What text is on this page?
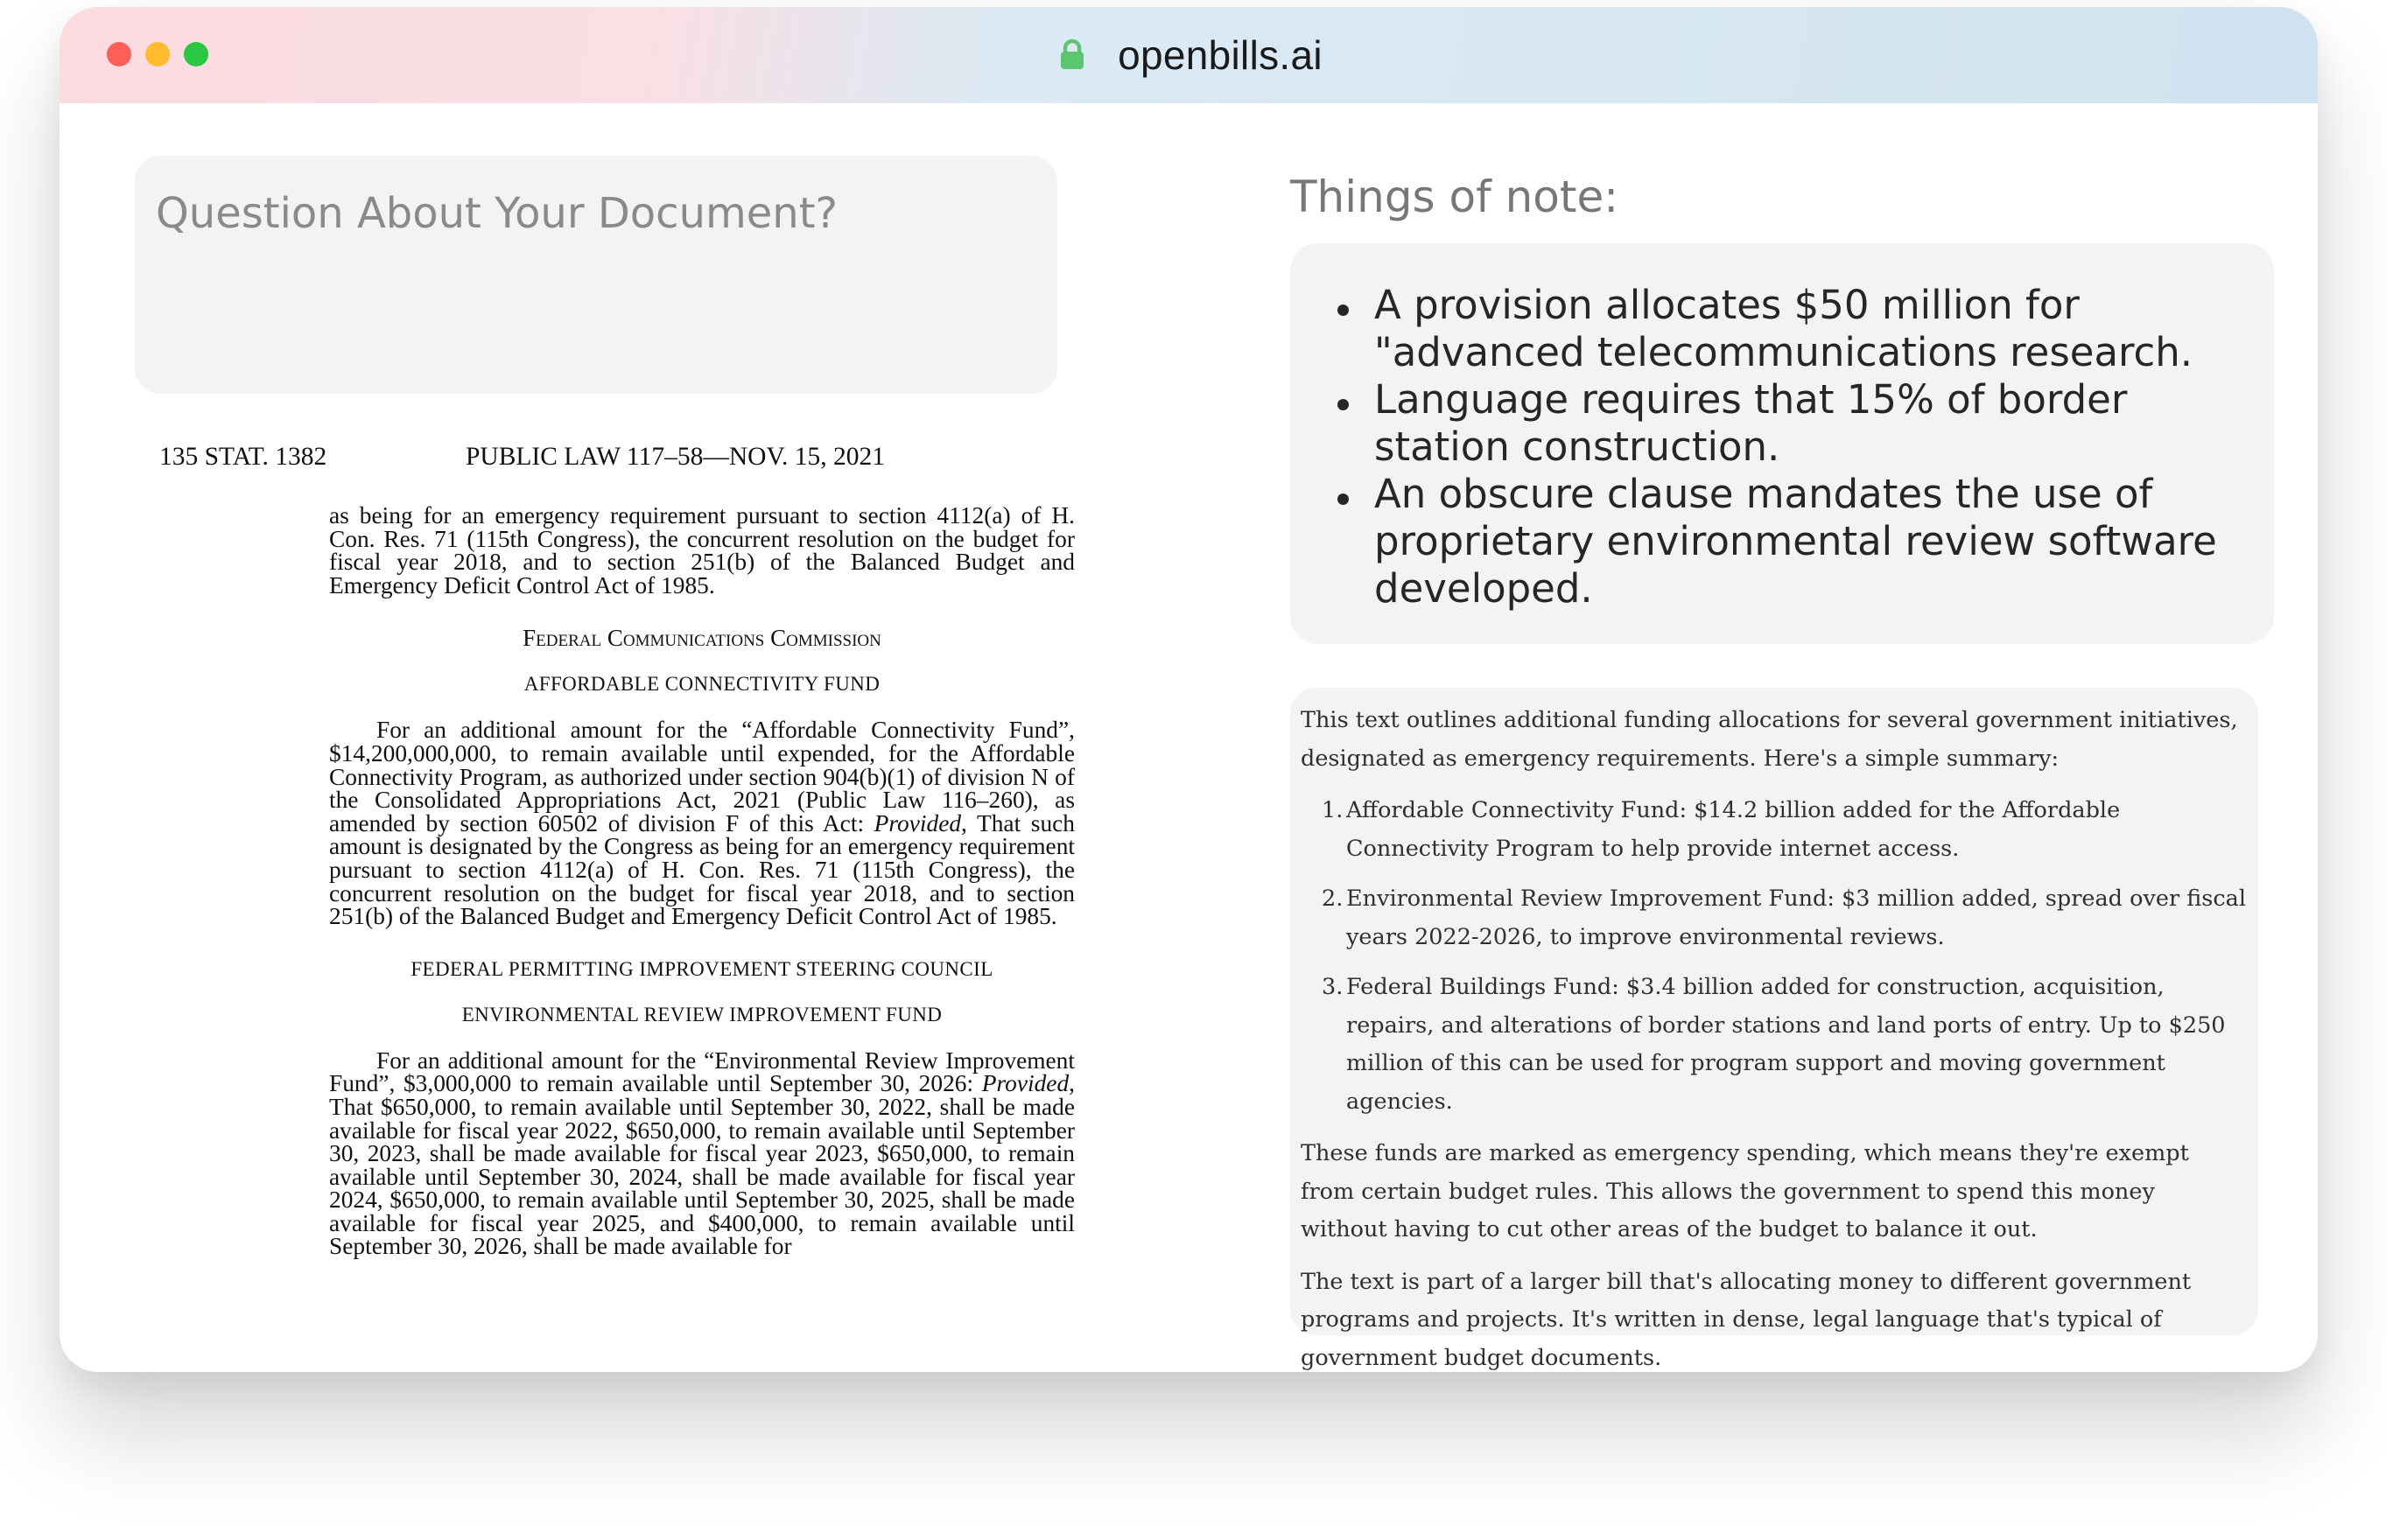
openbills.ai
Question About Your Document?
135 STAT. 1382	PUBLIC LAW 117–58—NOV. 15, 2021

as being for an emergency requirement pursuant to section 4112(a) of H. Con. Res. 71 (115th Congress), the concurrent resolution on the budget for fiscal year 2018, and to section 251(b) of the Balanced Budget and Emergency Deficit Control Act of 1985.

Federal Communications Commission
AFFORDABLE CONNECTIVITY FUND

For an additional amount for the “Affordable Connectivity Fund”, $14,200,000,000, to remain available until expended, for the Affordable Connectivity Program, as authorized under section 904(b)(1) of division N of the Consolidated Appropriations Act, 2021 (Public Law 116–260), as amended by section 60502 of division F of this Act: Provided, That such amount is designated by the Congress as being for an emergency requirement pursuant to section 4112(a) of H. Con. Res. 71 (115th Congress), the concurrent resolution on the budget for fiscal year 2018, and to section 251(b) of the Balanced Budget and Emergency Deficit Control Act of 1985.

FEDERAL PERMITTING IMPROVEMENT STEERING COUNCIL
ENVIRONMENTAL REVIEW IMPROVEMENT FUND

For an additional amount for the “Environmental Review Improvement Fund”, $3,000,000 to remain available until September 30, 2026: Provided, That $650,000, to remain available until September 30, 2022, shall be made available for fiscal year 2022, $650,000, to remain available until September 30, 2023, shall be made available for fiscal year 2023, $650,000, to remain available until September 30, 2024, shall be made available for fiscal year 2024, $650,000, to remain available until September 30, 2025, shall be made available for fiscal year 2025, and $400,000, to remain available until September 30, 2026, shall be made available for

Things of note:
A provision allocates $50 million for "advanced telecommunications research.
Language requires that 15% of border station construction.
An obscure clause mandates the use of proprietary environmental review software developed.

This text outlines additional funding allocations for several government initiatives, designated as emergency requirements. Here's a simple summary:

1. Affordable Connectivity Fund: $14.2 billion added for the Affordable Connectivity Program to help provide internet access.
2. Environmental Review Improvement Fund: $3 million added, spread over fiscal years 2022-2026, to improve environmental reviews.
3. Federal Buildings Fund: $3.4 billion added for construction, acquisition, repairs, and alterations of border stations and land ports of entry. Up to $250 million of this can be used for program support and moving government agencies.

These funds are marked as emergency spending, which means they're exempt from certain budget rules. This allows the government to spend this money without having to cut other areas of the budget to balance it out.

The text is part of a larger bill that's allocating money to different government programs and projects. It's written in dense, legal language that's typical of government budget documents.
